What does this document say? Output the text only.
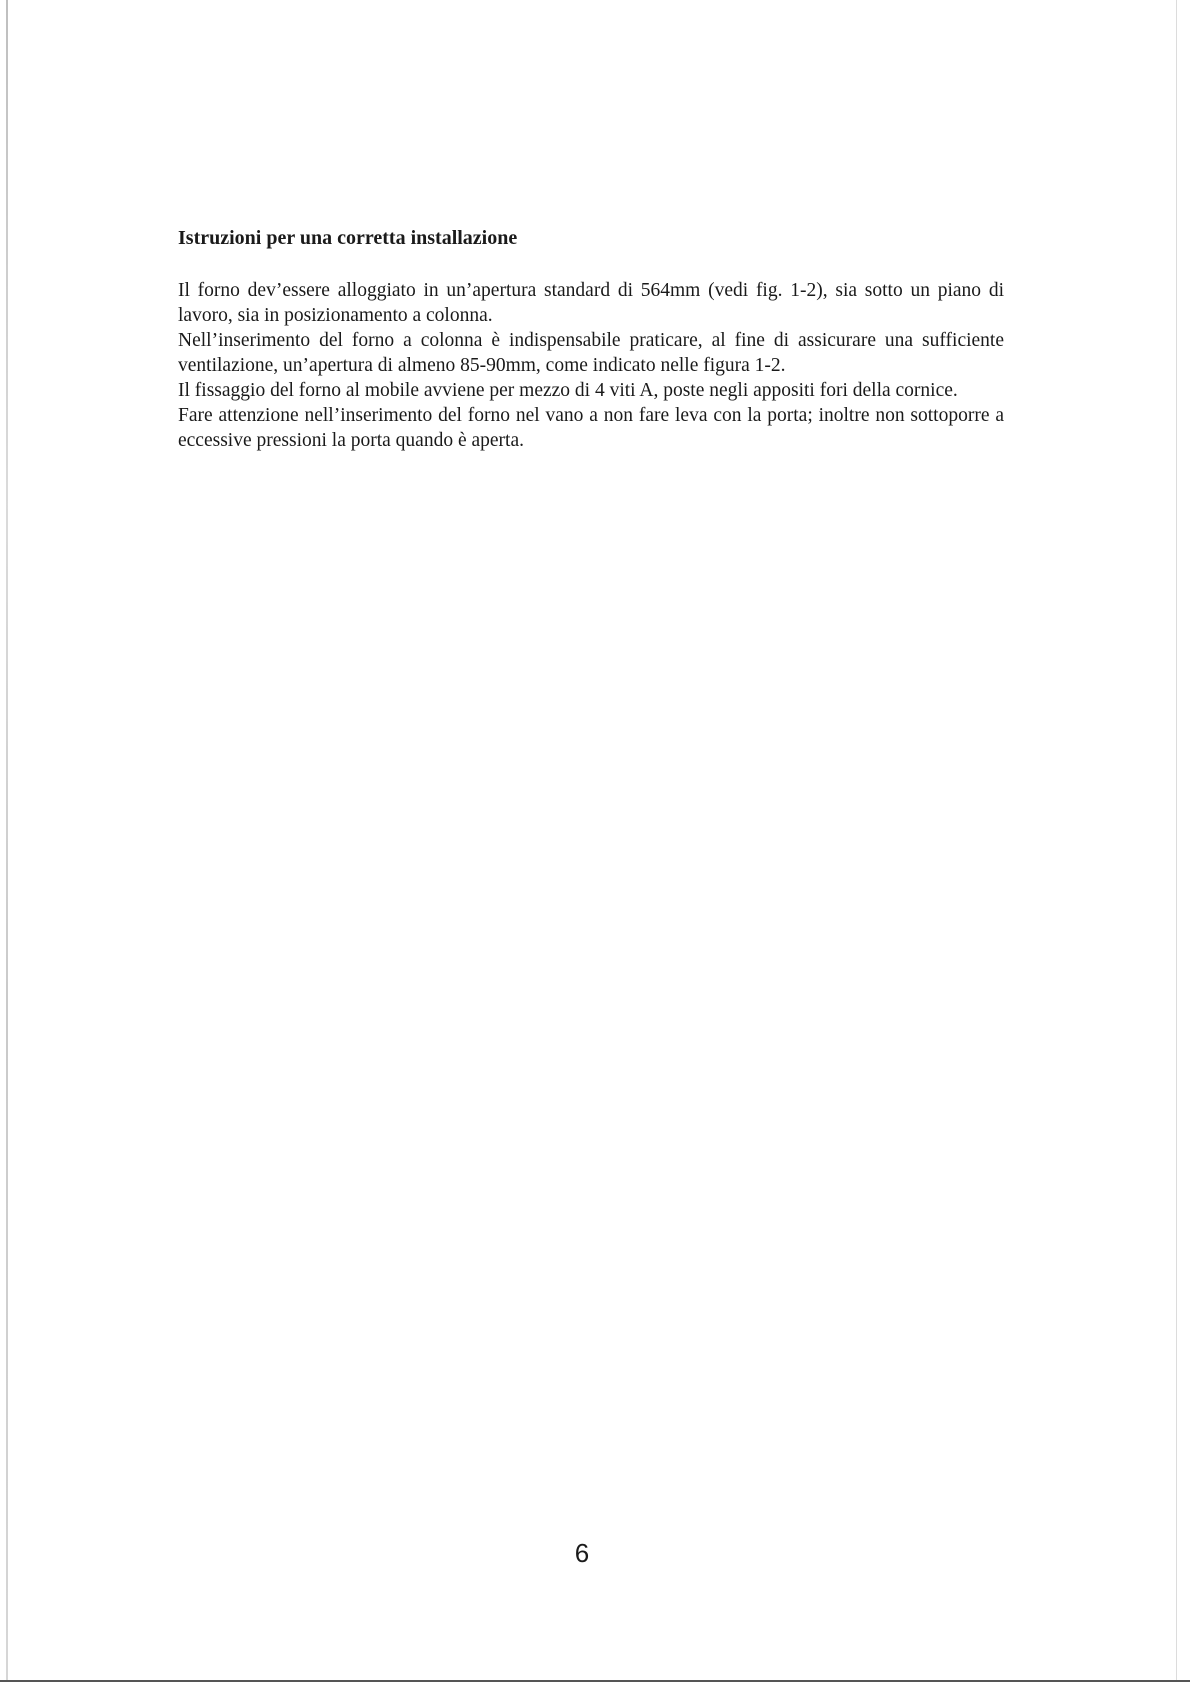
Istruzioni per una corretta installazione

Il forno dev’essere alloggiato in un’apertura standard di 564mm (vedi fig. 1-2), sia sotto un piano di lavoro, sia in posizionamento a colonna.

Nell’inserimento del forno a colonna è indispensabile praticare, al fine di assicurare una sufficiente ventilazione, un’apertura di almeno 85-90mm, come indicato nelle figura 1-2.

Il fissaggio del forno al mobile avviene per mezzo di 4 viti A, poste negli appositi fori della cornice.

Fare attenzione nell’inserimento del forno nel vano a non fare leva con la porta; inoltre non sottoporre a eccessive pressioni la porta quando è aperta.

6
